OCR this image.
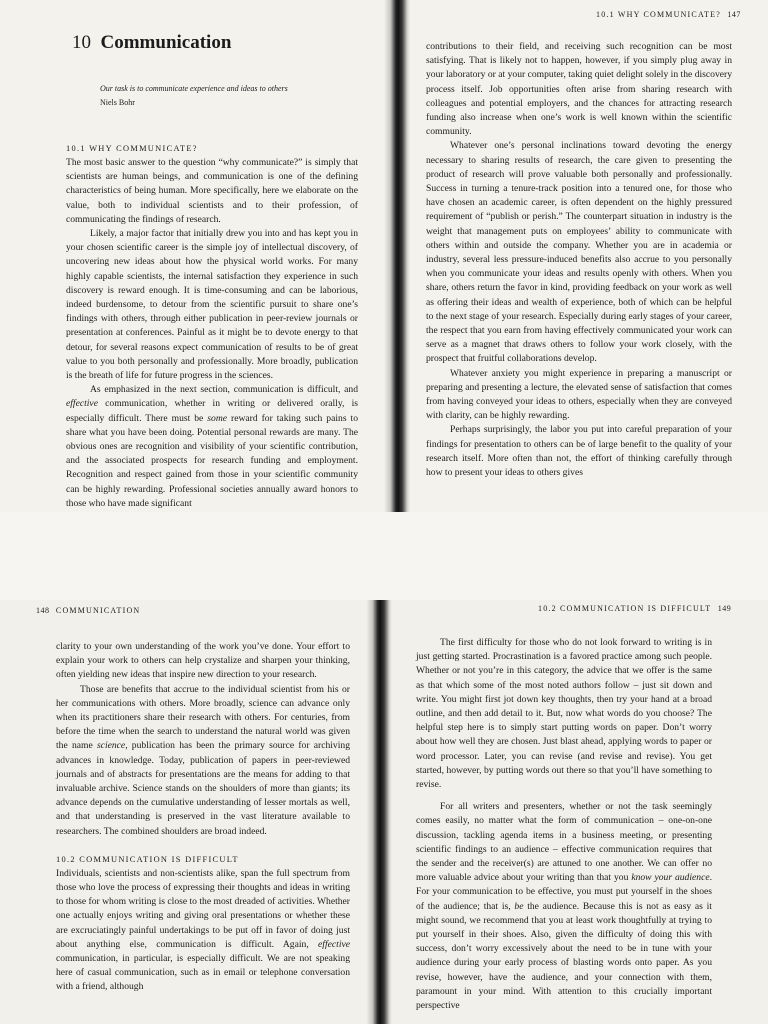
10 Communication
Our task is to communicate experience and ideas to others
Niels Bohr
10.1 WHY COMMUNICATE?

The most basic answer to the question “why communicate?” is simply that scientists are human beings, and communication is one of the defining characteristics of being human. More specifically, here we elaborate on the value, both to individual scientists and to their profession, of communicating the findings of research.

Likely, a major factor that initially drew you into and has kept you in your chosen scientific career is the simple joy of intellectual discovery, of uncovering new ideas about how the physical world works. For many highly capable scientists, the internal satisfaction they experience in such discovery is reward enough. It is time-consuming and can be laborious, indeed burdensome, to detour from the scientific pursuit to share one’s findings with others, through either publication in peer-review journals or presentation at conferences. Painful as it might be to devote energy to that detour, for several reasons expect communication of results to be of great value to you both personally and professionally. More broadly, publication is the breath of life for future progress in the sciences.

As emphasized in the next section, communication is difficult, and effective communication, whether in writing or delivered orally, is especially difficult. There must be some reward for taking such pains to share what you have been doing. Potential personal rewards are many. The obvious ones are recognition and visibility of your scientific contribution, and the associated prospects for research funding and employment. Recognition and respect gained from those in your scientific community can be highly rewarding. Professional societies annually award honors to those who have made significant

10.1 WHY COMMUNICATE? 147

contributions to their field, and receiving such recognition can be most satisfying. That is likely not to happen, however, if you simply plug away in your laboratory or at your computer, taking quiet delight solely in the discovery process itself. Job opportunities often arise from sharing research with colleagues and potential employers, and the chances for attracting research funding also increase when one’s work is well known within the scientific community.

Whatever one’s personal inclinations toward devoting the energy necessary to sharing results of research, the care given to presenting the product of research will prove valuable both personally and professionally. Success in turning a tenure-track position into a tenured one, for those who have chosen an academic career, is often dependent on the highly pressured requirement of “publish or perish.” The counterpart situation in industry is the weight that management puts on employees’ ability to communicate with others within and outside the company. Whether you are in academia or industry, several less pressure-induced benefits also accrue to you personally when you communicate your ideas and results openly with others. When you share, others return the favor in kind, providing feedback on your work as well as offering their ideas and wealth of experience, both of which can be helpful to the next stage of your research. Especially during early stages of your career, the respect that you earn from having effectively communicated your work can serve as a magnet that draws others to follow your work closely, with the prospect that fruitful collaborations develop.

Whatever anxiety you might experience in preparing a manuscript or preparing and presenting a lecture, the elevated sense of satisfaction that comes from having conveyed your ideas to others, especially when they are conveyed with clarity, can be highly rewarding.

Perhaps surprisingly, the labor you put into careful preparation of your findings for presentation to others can be of large benefit to the quality of your research itself. More often than not, the effort of thinking carefully through how to present your ideas to others gives

148 COMMUNICATION

clarity to your own understanding of the work you’ve done. Your effort to explain your work to others can help crystalize and sharpen your thinking, often yielding new ideas that inspire new direction to your research.

Those are benefits that accrue to the individual scientist from his or her communications with others. More broadly, science can advance only when its practitioners share their research with others. For centuries, from before the time when the search to understand the natural world was given the name science, publication has been the primary source for archiving advances in knowledge. Today, publication of papers in peer-reviewed journals and of abstracts for presentations are the means for adding to that invaluable archive. Science stands on the shoulders of more than giants; its advance depends on the cumulative understanding of lesser mortals as well, and that understanding is preserved in the vast literature available to researchers. The combined shoulders are broad indeed.

10.2 COMMUNICATION IS DIFFICULT

Individuals, scientists and non-scientists alike, span the full spectrum from those who love the process of expressing their thoughts and ideas in writing to those for whom writing is close to the most dreaded of activities. Whether one actually enjoys writing and giving oral presentations or whether these are excruciatingly painful undertakings to be put off in favor of doing just about anything else, communication is difficult. Again, effective communication, in particular, is especially difficult. We are not speaking here of casual communication, such as in email or telephone conversation with a friend, although

10.2 COMMUNICATION IS DIFFICULT 149

The first difficulty for those who do not look forward to writing is in just getting started. Procrastination is a favored practice among such people. Whether or not you’re in this category, the advice that we offer is the same as that which some of the most noted authors follow – just sit down and write. You might first jot down key thoughts, then try your hand at a broad outline, and then add detail to it. But, now what words do you choose? The helpful step here is to simply start putting words on paper. Don’t worry about how well they are chosen. Just blast ahead, applying words to paper or word processor. Later, you can revise (and revise and revise). You get started, however, by putting words out there so that you’ll have something to revise.

For all writers and presenters, whether or not the task seemingly comes easily, no matter what the form of communication – one-on-one discussion, tackling agenda items in a business meeting, or presenting scientific findings to an audience – effective communication requires that the sender and the receiver(s) are attuned to one another. We can offer no more valuable advice about your writing than that you know your audience. For your communication to be effective, you must put yourself in the shoes of the audience; that is, be the audience. Because this is not as easy as it might sound, we recommend that you at least work thoughtfully at trying to put yourself in their shoes. Also, given the difficulty of doing this with success, don’t worry excessively about the need to be in tune with your audience during your early process of blasting words onto paper. As you revise, however, have the audience, and your connection with them, paramount in your mind. With attention to this crucially important perspective
